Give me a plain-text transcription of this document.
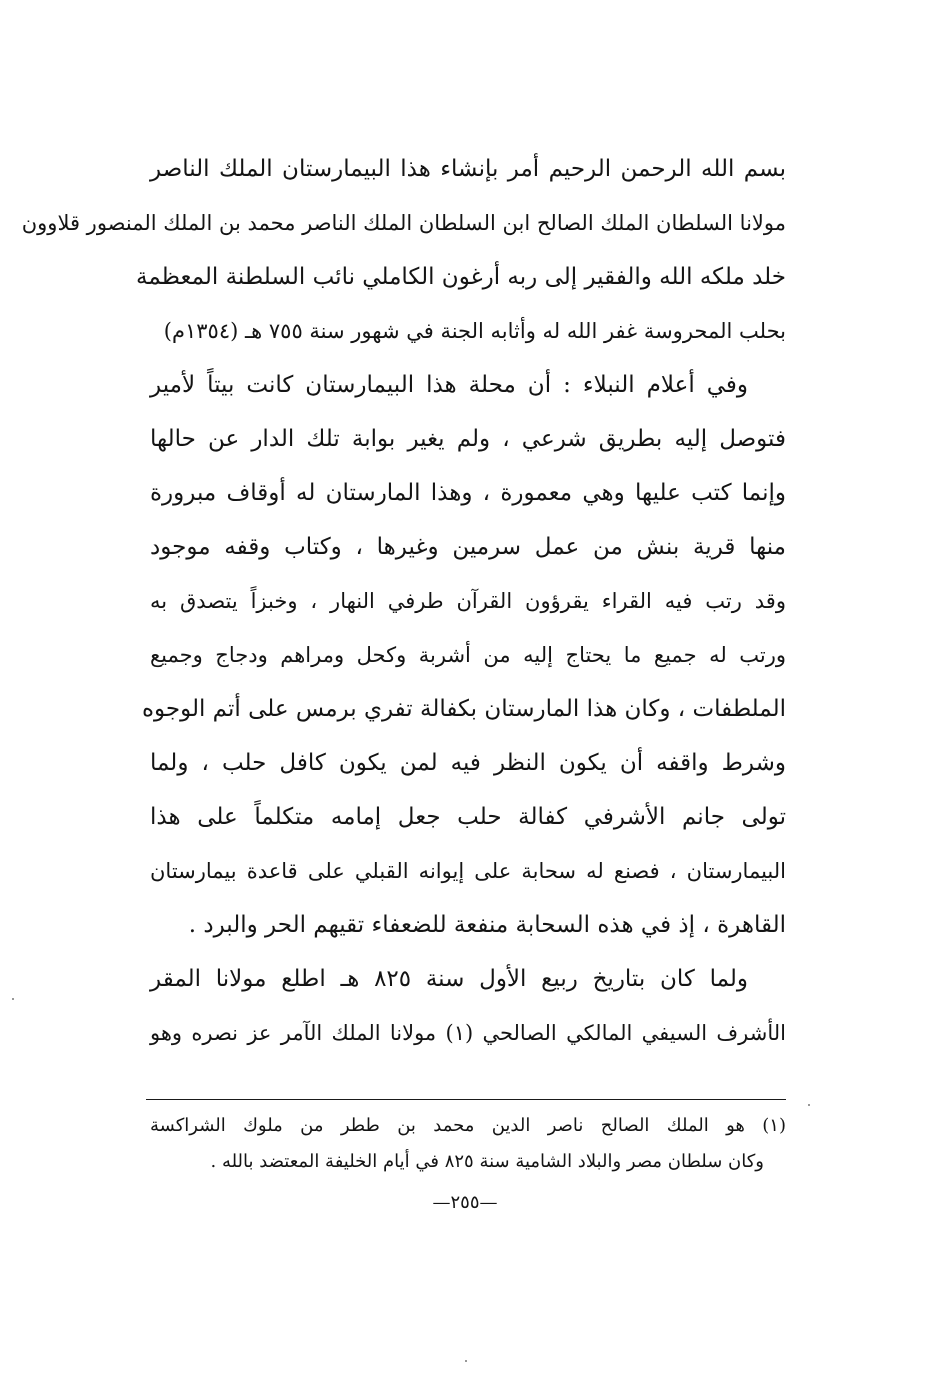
بسم الله الرحمن الرحيم أمر بإنشاء هذا البيمارستان الملك الناصر
مولانا السلطان الملك الصالح ابن السلطان الملك الناصر محمد بن الملك المنصور قلاوون
خلد ملكه الله والفقير إلى ربه أرغون الكاملي نائب السلطنة المعظمة
بحلب المحروسة غفر الله له وأثابه الجنة في شهور سنة ٧٥٥ هـ (١٣٥٤م)
وفي أعلام النبلاء : أن محلة هذا البيمارستان كانت بيتاً لأمير
فتوصل إليه بطريق شرعي ، ولم يغير بوابة تلك الدار عن حالها
وإنما كتب عليها وهي معمورة ، وهذا المارستان له أوقاف مبرورة
منها قرية بنش من عمل سرمين وغيرها ، وكتاب وقفه موجود
وقد رتب فيه القراء يقرؤون القرآن طرفي النهار ، وخبزاً يتصدق به
ورتب له جميع ما يحتاج إليه من أشربة وكحل ومراهم ودجاج وجميع
الملطفات ، وكان هذا المارستان بكفالة تفري برمس على أتم الوجوه
وشرط واقفه أن يكون النظر فيه لمن يكون كافل حلب ، ولما
تولى جانم الأشرفي كفالة حلب جعل إمامه متكلماً على هذا
البيمارستان ، فصنع له سحابة على إيوانه القبلي على قاعدة بيمارستان
القاهرة ، إذ في هذه السحابة منفعة للضعفاء تقيهم الحر والبرد .
ولما كان بتاريخ ربيع الأول سنة ٨٢٥ هـ اطلع مولانا المقر
الأشرف السيفي المالكي الصالحي (١) مولانا الملك الآمر عز نصره وهو
(١) هو الملك الصالح ناصر الدين محمد بن ططر من ملوك الشراكسة
وكان سلطان مصر والبلاد الشامية سنة ٨٢٥ في أيام الخليفة المعتضد بالله .
—٢٥٥—
